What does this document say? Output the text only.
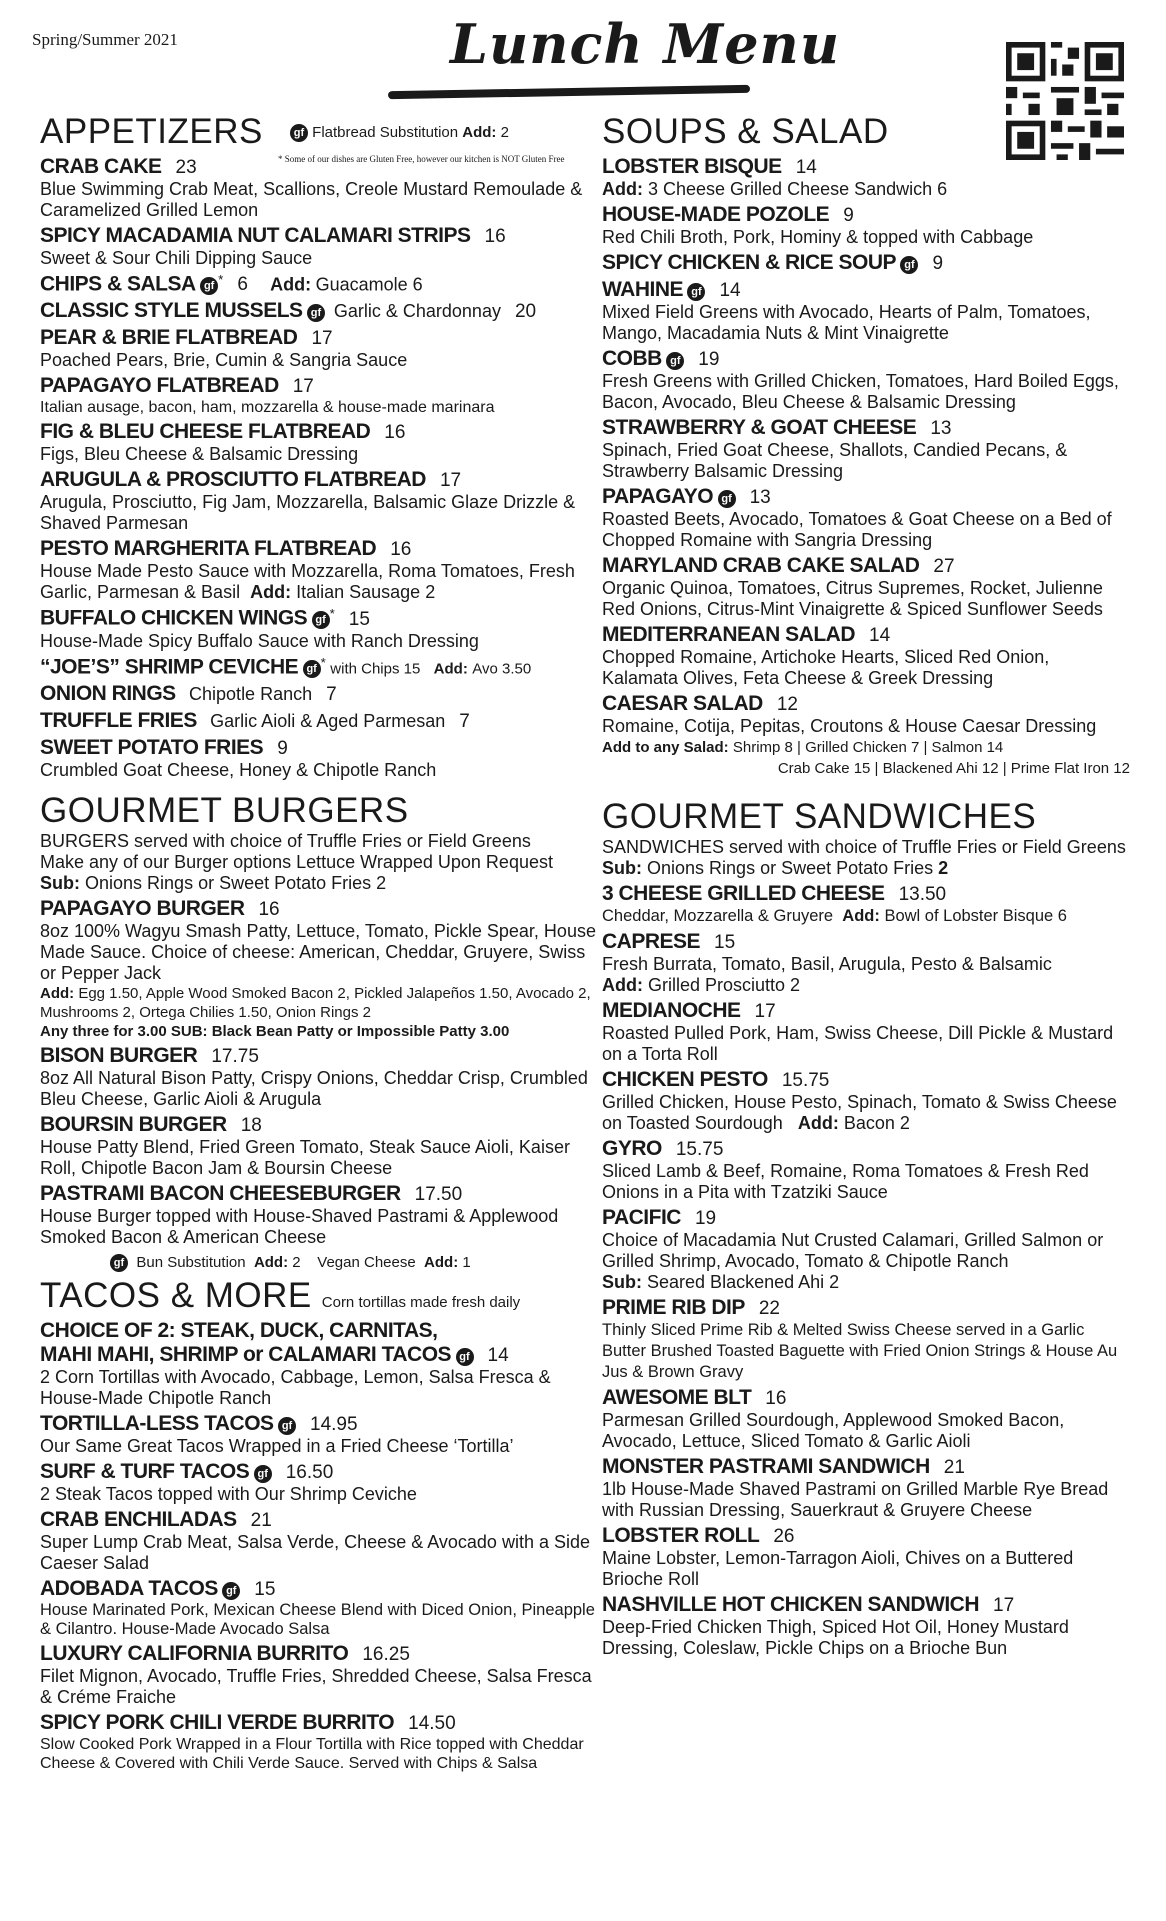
Spring/Summer 2021	Lunch Menu
gf Flatbread Substitution Add: 2
* Some of our dishes are Gluten Free, however our kitchen is NOT Gluten Free
APPETIZERS
CRAB CAKE 23
Blue Swimming Crab Meat, Scallions, Creole Mustard Remoulade & Caramelized Grilled Lemon
SPICY MACADAMIA NUT CALAMARI STRIPS 16
Sweet & Sour Chili Dipping Sauce
CHIPS & SALSA gf * 6 Add: Guacamole 6
CLASSIC STYLE MUSSELS gf Garlic & Chardonnay 20
PEAR & BRIE FLATBREAD 17
Poached Pears, Brie, Cumin & Sangria Sauce
PAPAGAYO FLATBREAD 17
Italian ausage, bacon, ham, mozzarella & house-made marinara
FIG & BLEU CHEESE FLATBREAD 16
Figs, Bleu Cheese & Balsamic Dressing
ARUGULA & PROSCIUTTO FLATBREAD 17
Arugula, Prosciutto, Fig Jam, Mozzarella, Balsamic Glaze Drizzle & Shaved Parmesan
PESTO MARGHERITA FLATBREAD 16
House Made Pesto Sauce with Mozzarella, Roma Tomatoes, Fresh Garlic, Parmesan & Basil Add: Italian Sausage 2
BUFFALO CHICKEN WINGS gf * 15
House-Made Spicy Buffalo Sauce with Ranch Dressing
“JOE’S” SHRIMP CEVICHE gf * with Chips 15 Add: Avo 3.50
ONION RINGS Chipotle Ranch 7
TRUFFLE FRIES Garlic Aioli & Aged Parmesan 7
SWEET POTATO FRIES 9
Crumbled Goat Cheese, Honey & Chipotle Ranch
GOURMET BURGERS
BURGERS served with choice of Truffle Fries or Field Greens
Make any of our Burger options Lettuce Wrapped Upon Request
Sub: Onions Rings or Sweet Potato Fries 2
PAPAGAYO BURGER 16
8oz 100% Wagyu Smash Patty, Lettuce, Tomato, Pickle Spear, House Made Sauce. Choice of cheese: American, Cheddar, Gruyere, Swiss or Pepper Jack
Add: Egg 1.50, Apple Wood Smoked Bacon 2, Pickled Jalapeños 1.50, Avocado 2, Mushrooms 2, Ortega Chilies 1.50, Onion Rings 2
Any three for 3.00 SUB: Black Bean Patty or Impossible Patty 3.00
BISON BURGER 17.75
8oz All Natural Bison Patty, Crispy Onions, Cheddar Crisp, Crumbled Bleu Cheese, Garlic Aioli & Arugula
BOURSIN BURGER 18
House Patty Blend, Fried Green Tomato, Steak Sauce Aioli, Kaiser Roll, Chipotle Bacon Jam & Boursin Cheese
PASTRAMI BACON CHEESEBURGER 17.50
House Burger topped with House-Shaved Pastrami & Applewood Smoked Bacon & American Cheese
gf Bun Substitution Add: 2 Vegan Cheese Add: 1
TACOS & MORE Corn tortillas made fresh daily
CHOICE OF 2: STEAK, DUCK, CARNITAS,
MAHI MAHI, SHRIMP or CALAMARI TACOS gf 14
2 Corn Tortillas with Avocado, Cabbage, Lemon, Salsa Fresca & House-Made Chipotle Ranch
TORTILLA-LESS TACOS gf 14.95
Our Same Great Tacos Wrapped in a Fried Cheese ‘Tortilla’
SURF & TURF TACOS gf 16.50
2 Steak Tacos topped with Our Shrimp Ceviche
CRAB ENCHILADAS 21
Super Lump Crab Meat, Salsa Verde, Cheese & Avocado with a Side Caeser Salad
ADOBADA TACOS gf 15
House Marinated Pork, Mexican Cheese Blend with Diced Onion, Pineapple & Cilantro. House-Made Avocado Salsa
LUXURY CALIFORNIA BURRITO 16.25
Filet Mignon, Avocado, Truffle Fries, Shredded Cheese, Salsa Fresca & Créme Fraiche
SPICY PORK CHILI VERDE BURRITO 14.50
Slow Cooked Pork Wrapped in a Flour Tortilla with Rice topped with Cheddar Cheese & Covered with Chili Verde Sauce. Served with Chips & Salsa
SOUPS & SALAD
LOBSTER BISQUE 14
Add: 3 Cheese Grilled Cheese Sandwich 6
HOUSE-MADE POZOLE 9
Red Chili Broth, Pork, Hominy & topped with Cabbage
SPICY CHICKEN & RICE SOUP gf 9
WAHINE gf 14
Mixed Field Greens with Avocado, Hearts of Palm, Tomatoes, Mango, Macadamia Nuts & Mint Vinaigrette
COBB gf 19
Fresh Greens with Grilled Chicken, Tomatoes, Hard Boiled Eggs, Bacon, Avocado, Bleu Cheese & Balsamic Dressing
STRAWBERRY & GOAT CHEESE 13
Spinach, Fried Goat Cheese, Shallots, Candied Pecans, & Strawberry Balsamic Dressing
PAPAGAYO gf 13
Roasted Beets, Avocado, Tomatoes & Goat Cheese on a Bed of Chopped Romaine with Sangria Dressing
MARYLAND CRAB CAKE SALAD 27
Organic Quinoa, Tomatoes, Citrus Supremes, Rocket, Julienne Red Onions, Citrus-Mint Vinaigrette & Spiced Sunflower Seeds
MEDITERRANEAN SALAD 14
Chopped Romaine, Artichoke Hearts, Sliced Red Onion, Kalamata Olives, Feta Cheese & Greek Dressing
CAESAR SALAD 12
Romaine, Cotija, Pepitas, Croutons & House Caesar Dressing
Add to any Salad: Shrimp 8 | Grilled Chicken 7 | Salmon 14
Crab Cake 15 | Blackened Ahi 12 | Prime Flat Iron 12
GOURMET SANDWICHES
SANDWICHES served with choice of Truffle Fries or Field Greens Sub: Onions Rings or Sweet Potato Fries 2
3 CHEESE GRILLED CHEESE 13.50
Cheddar, Mozzarella & Gruyere Add: Bowl of Lobster Bisque 6
CAPRESE 15
Fresh Burrata, Tomato, Basil, Arugula, Pesto & Balsamic
Add: Grilled Prosciutto 2
MEDIANOCHE 17
Roasted Pulled Pork, Ham, Swiss Cheese, Dill Pickle & Mustard on a Torta Roll
CHICKEN PESTO 15.75
Grilled Chicken, House Pesto, Spinach, Tomato & Swiss Cheese on Toasted Sourdough Add: Bacon 2
GYRO 15.75
Sliced Lamb & Beef, Romaine, Roma Tomatoes & Fresh Red Onions in a Pita with Tzatziki Sauce
PACIFIC 19
Choice of Macadamia Nut Crusted Calamari, Grilled Salmon or Grilled Shrimp, Avocado, Tomato & Chipotle Ranch
Sub: Seared Blackened Ahi 2
PRIME RIB DIP 22
Thinly Sliced Prime Rib & Melted Swiss Cheese served in a Garlic Butter Brushed Toasted Baguette with Fried Onion Strings & House Au Jus & Brown Gravy
AWESOME BLT 16
Parmesan Grilled Sourdough, Applewood Smoked Bacon, Avocado, Lettuce, Sliced Tomato & Garlic Aioli
MONSTER PASTRAMI SANDWICH 21
1lb House-Made Shaved Pastrami on Grilled Marble Rye Bread with Russian Dressing, Sauerkraut & Gruyere Cheese
LOBSTER ROLL 26
Maine Lobster, Lemon-Tarragon Aioli, Chives on a Buttered Brioche Roll
NASHVILLE HOT CHICKEN SANDWICH 17
Deep-Fried Chicken Thigh, Spiced Hot Oil, Honey Mustard Dressing, Coleslaw, Pickle Chips on a Brioche Bun
